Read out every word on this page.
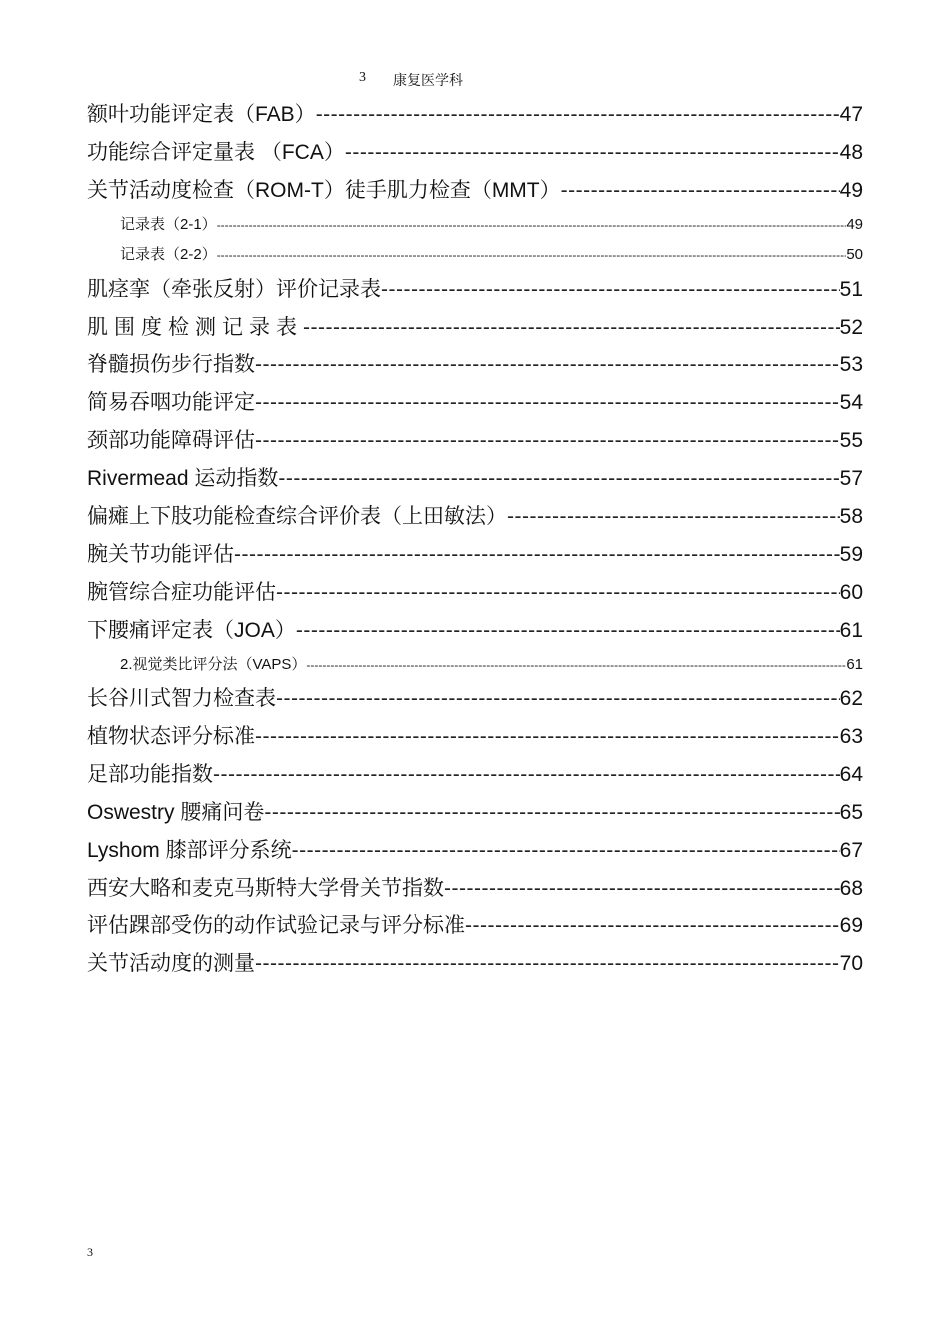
3 康复医学科
额叶功能评定表（FAB） -----	47
功能综合评定量表 （FCA） -----	48
关节活动度检查（ROM-T）徒手肌力检查（MMT） -----	49
记录表（2-1） -----	49
记录表（2-2） -----	50
肌痉挛（牵张反射）评价记录表 -----	51
肌围度检测记录表 -----	52
脊髓损伤步行指数 -----	53
简易吞咽功能评定 -----	54
颈部功能障碍评估 -----	55
Rivermead 运动指数 -----	57
偏瘫上下肢功能检查综合评价表（上田敏法） -----	58
腕关节功能评估 -----	59
腕管综合症功能评估 -----	60
下腰痛评定表（JOA） -----	61
2.视觉类比评分法（VAPS） -----	61
长谷川式智力检查表 -----	62
植物状态评分标准 -----	63
足部功能指数 -----	64
Oswestry 腰痛问卷 -----	65
Lyshom 膝部评分系统 -----	67
西安大略和麦克马斯特大学骨关节指数 -----	68
评估踝部受伤的动作试验记录与评分标准 -----	69
关节活动度的测量 -----	70
3
